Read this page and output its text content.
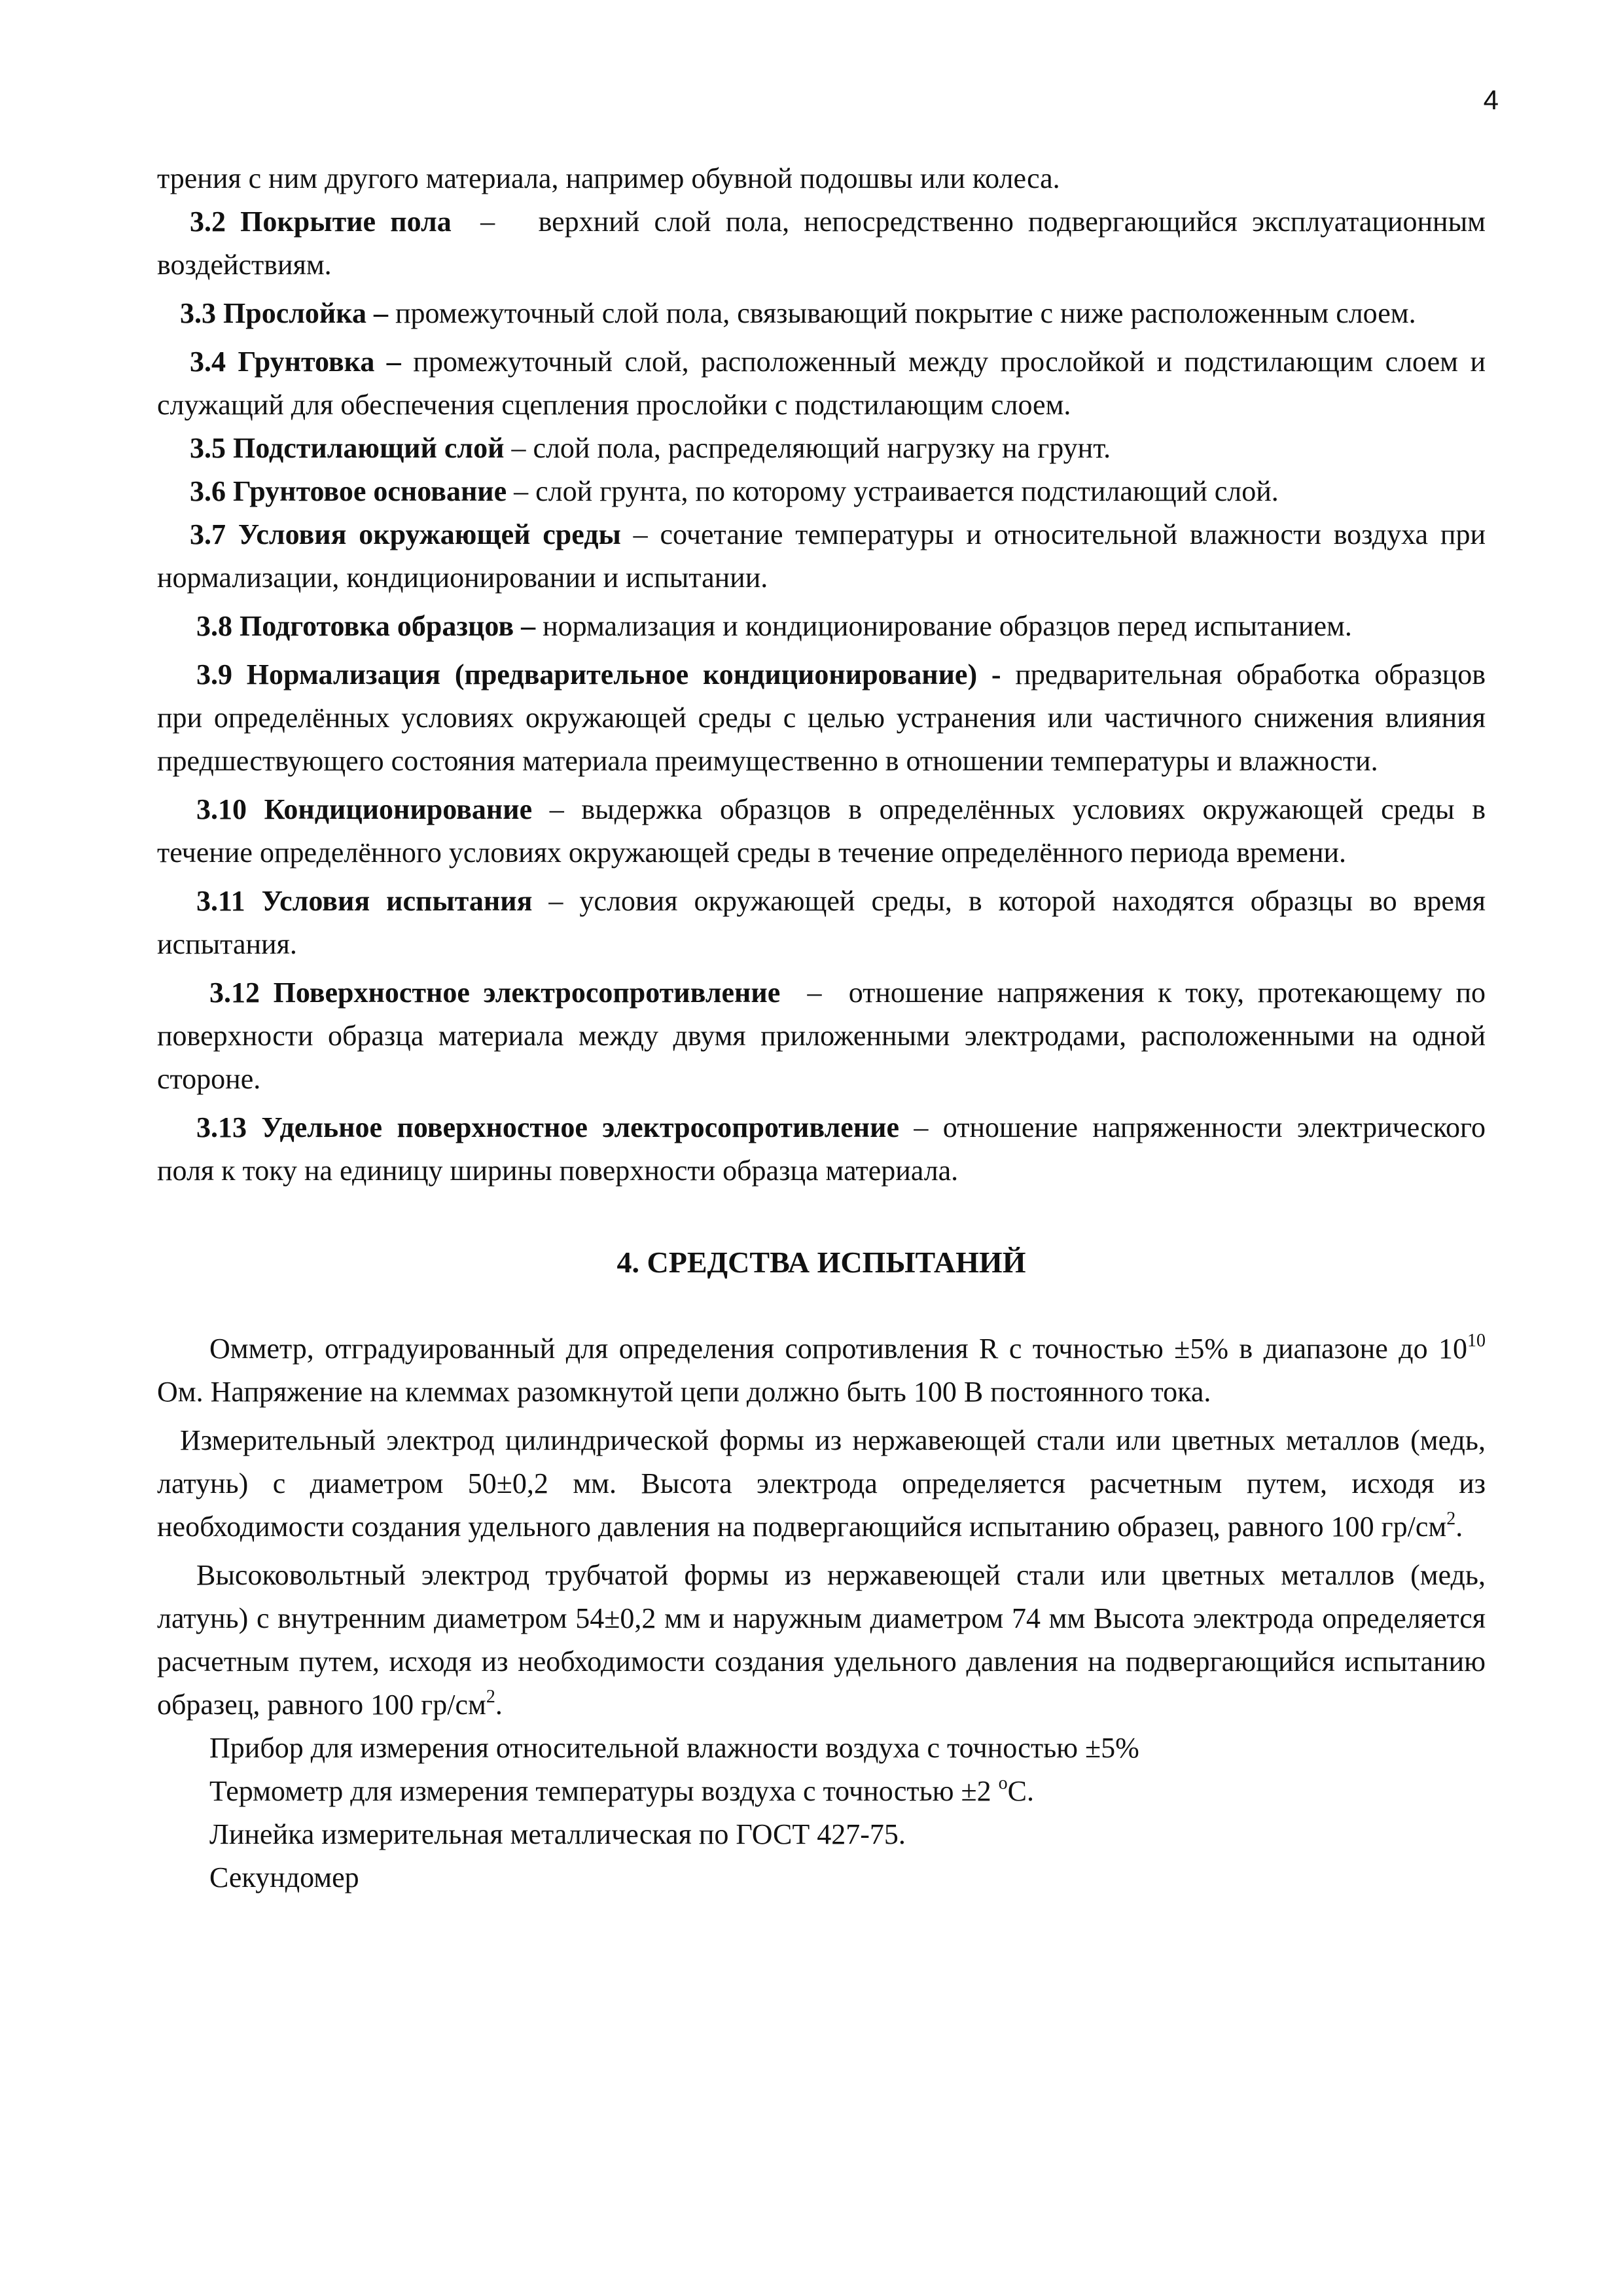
4

трения с ним другого материала, например обувной подошвы или колеса.

3.2 Покрытие пола  –   верхний слой пола, непосредственно подвергающийся эксплуатационным воздействиям.

3.3 Прослойка – промежуточный слой пола, связывающий покрытие с ниже расположенным слоем.

3.4 Грунтовка – промежуточный слой, расположенный между прослойкой и подстилающим слоем и служащий для обеспечения сцепления прослойки с подстилающим слоем.

3.5 Подстилающий слой – слой пола, распределяющий нагрузку на грунт.

3.6 Грунтовое основание – слой грунта, по которому устраивается подстилающий слой.

3.7 Условия окружающей среды – сочетание температуры и относительной влажности воздуха при нормализации, кондиционировании и испытании.

3.8 Подготовка образцов – нормализация и кондиционирование образцов перед испытанием.

3.9 Нормализация (предварительное кондиционирование) - предварительная обработка образцов при определённых условиях окружающей среды с целью устранения или частичного снижения влияния предшествующего состояния материала преимущественно в отношении температуры и влажности.

3.10 Кондиционирование – выдержка образцов в определённых условиях окружающей среды в течение определённого условиях окружающей среды в течение определённого периода времени.

3.11 Условия испытания – условия окружающей среды, в которой находятся образцы во время испытания.

3.12 Поверхностное электросопротивление  –  отношение напряжения к току, протекающему по поверхности образца материала между двумя приложенными электродами, расположенными на одной стороне.

3.13 Удельное поверхностное электросопротивление – отношение напряженности электрического поля к току на единицу ширины поверхности образца материала.

4. СРЕДСТВА ИСПЫТАНИЙ

Омметр, отградуированный для определения сопротивления R с точностью ±5% в диапазоне до $10^{10}$ Ом. Напряжение на клеммах разомкнутой цепи должно быть 100 В постоянного тока.

Измерительный электрод цилиндрической формы из нержавеющей стали или цветных металлов (медь, латунь) с диаметром 50±0,2 мм. Высота электрода определяется расчетным путем, исходя из необходимости создания удельного давления на подвергающийся испытанию образец, равного 100 $гр/см^2$.

Высоковольтный электрод трубчатой формы из нержавеющей стали или цветных металлов (медь, латунь) с внутренним диаметром 54±0,2 мм и наружным диаметром 74 мм Высота электрода определяется расчетным путем, исходя из необходимости создания удельного давления на подвергающийся испытанию образец, равного 100 $гр/см^2$.

Прибор для измерения относительной влажности воздуха с точностью ±5%

Термометр для измерения температуры воздуха с точностью ±2 $^o$С.

Линейка измерительная металлическая по ГОСТ 427-75.

Секундомер
